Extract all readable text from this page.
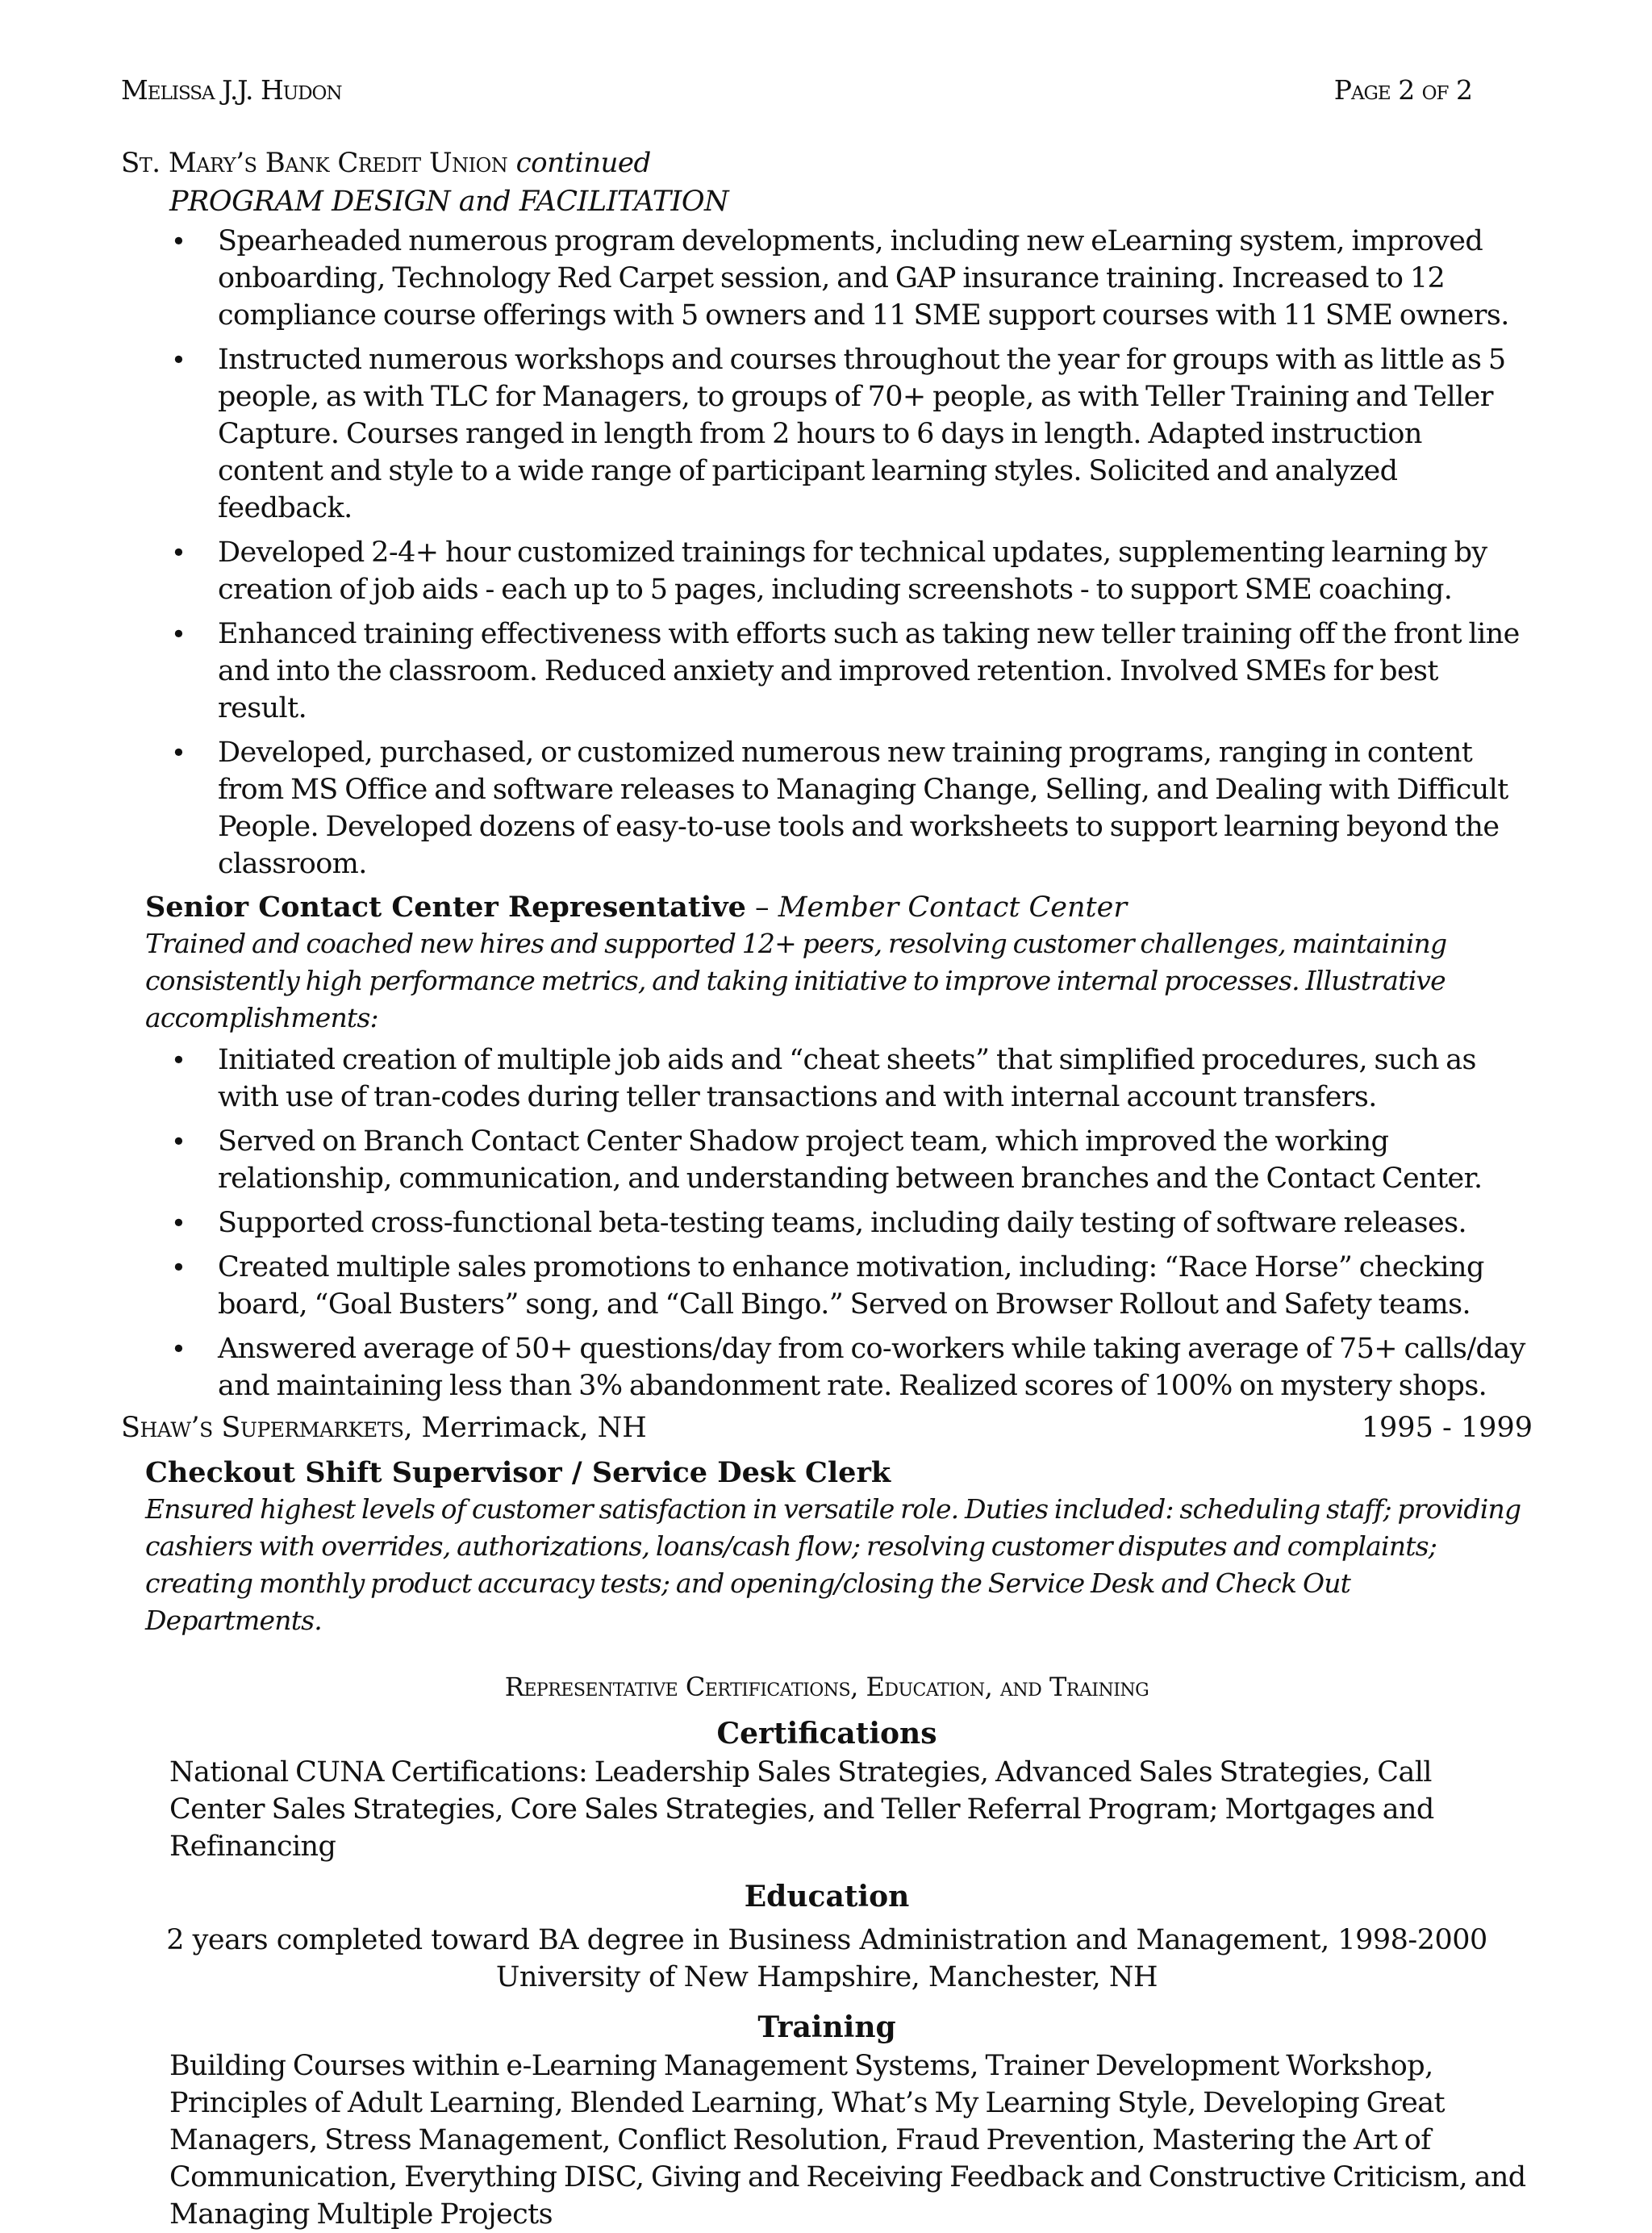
Melissa J.J. Hudon	Page 2 of 2
St. Mary’s Bank Credit Union continued
PROGRAM DESIGN and FACILITATION
• Spearheaded numerous program developments, including new eLearning system, improved onboarding, Technology Red Carpet session, and GAP insurance training. Increased to 12 compliance course offerings with 5 owners and 11 SME support courses with 11 SME owners.
• Instructed numerous workshops and courses throughout the year for groups with as little as 5 people, as with TLC for Managers, to groups of 70+ people, as with Teller Training and Teller Capture. Courses ranged in length from 2 hours to 6 days in length. Adapted instruction content and style to a wide range of participant learning styles. Solicited and analyzed feedback.
• Developed 2-4+ hour customized trainings for technical updates, supplementing learning by creation of job aids - each up to 5 pages, including screenshots - to support SME coaching.
• Enhanced training effectiveness with efforts such as taking new teller training off the front line and into the classroom. Reduced anxiety and improved retention. Involved SMEs for best result.
• Developed, purchased, or customized numerous new training programs, ranging in content from MS Office and software releases to Managing Change, Selling, and Dealing with Difficult People. Developed dozens of easy-to-use tools and worksheets to support learning beyond the classroom.
Senior Contact Center Representative – Member Contact Center
Trained and coached new hires and supported 12+ peers, resolving customer challenges, maintaining consistently high performance metrics, and taking initiative to improve internal processes. Illustrative accomplishments:
• Initiated creation of multiple job aids and “cheat sheets” that simplified procedures, such as with use of tran-codes during teller transactions and with internal account transfers.
• Served on Branch Contact Center Shadow project team, which improved the working relationship, communication, and understanding between branches and the Contact Center.
• Supported cross-functional beta-testing teams, including daily testing of software releases.
• Created multiple sales promotions to enhance motivation, including: “Race Horse” checking board, “Goal Busters” song, and “Call Bingo.” Served on Browser Rollout and Safety teams.
• Answered average of 50+ questions/day from co-workers while taking average of 75+ calls/day and maintaining less than 3% abandonment rate. Realized scores of 100% on mystery shops.
Shaw’s Supermarkets, Merrimack, NH	1995 - 1999
Checkout Shift Supervisor / Service Desk Clerk
Ensured highest levels of customer satisfaction in versatile role. Duties included: scheduling staff; providing cashiers with overrides, authorizations, loans/cash flow; resolving customer disputes and complaints; creating monthly product accuracy tests; and opening/closing the Service Desk and Check Out Departments.
Representative Certifications, Education, and Training
Certifications
National CUNA Certifications: Leadership Sales Strategies, Advanced Sales Strategies, Call Center Sales Strategies, Core Sales Strategies, and Teller Referral Program; Mortgages and Refinancing
Education
2 years completed toward BA degree in Business Administration and Management, 1998-2000
University of New Hampshire, Manchester, NH
Training
Building Courses within e-Learning Management Systems, Trainer Development Workshop, Principles of Adult Learning, Blended Learning, What’s My Learning Style, Developing Great Managers, Stress Management, Conflict Resolution, Fraud Prevention, Mastering the Art of Communication, Everything DISC, Giving and Receiving Feedback and Constructive Criticism, and Managing Multiple Projects
